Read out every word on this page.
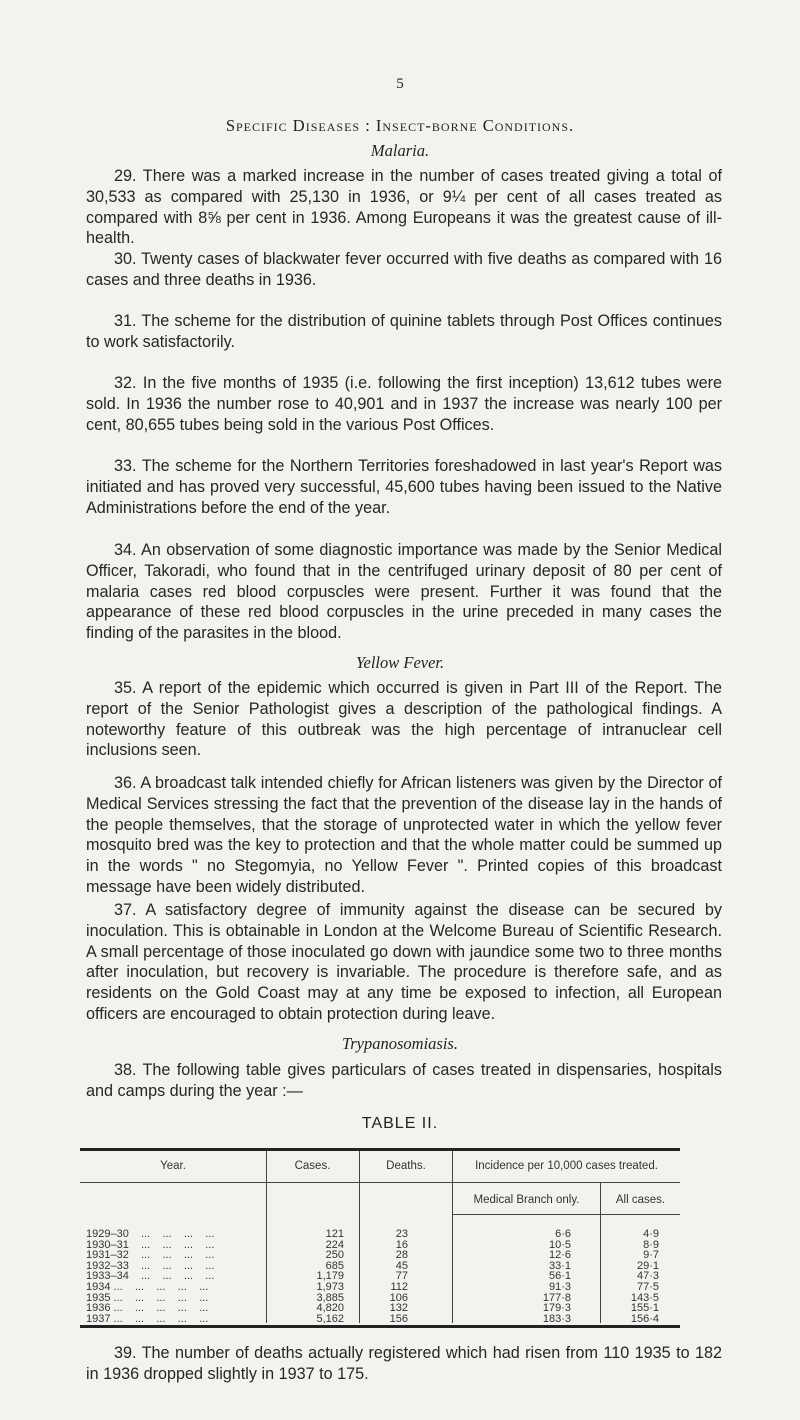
5
Specific Diseases : Insect-borne Conditions.
Malaria.
29. There was a marked increase in the number of cases treated giving a total of 30,533 as compared with 25,130 in 1936, or 9¼ per cent of all cases treated as compared with 8⅝ per cent in 1936. Among Europeans it was the greatest cause of ill-health.
30. Twenty cases of blackwater fever occurred with five deaths as compared with 16 cases and three deaths in 1936.
31. The scheme for the distribution of quinine tablets through Post Offices continues to work satisfactorily.
32. In the five months of 1935 (i.e. following the first inception) 13,612 tubes were sold. In 1936 the number rose to 40,901 and in 1937 the increase was nearly 100 per cent, 80,655 tubes being sold in the various Post Offices.
33. The scheme for the Northern Territories foreshadowed in last year's Report was initiated and has proved very successful, 45,600 tubes having been issued to the Native Administrations before the end of the year.
34. An observation of some diagnostic importance was made by the Senior Medical Officer, Takoradi, who found that in the centrifuged urinary deposit of 80 per cent of malaria cases red blood corpuscles were present. Further it was found that the appearance of these red blood corpuscles in the urine preceded in many cases the finding of the parasites in the blood.
Yellow Fever.
35. A report of the epidemic which occurred is given in Part III of the Report. The report of the Senior Pathologist gives a description of the pathological findings. A noteworthy feature of this outbreak was the high percentage of intranuclear cell inclusions seen.
36. A broadcast talk intended chiefly for African listeners was given by the Director of Medical Services stressing the fact that the prevention of the disease lay in the hands of the people themselves, that the storage of unprotected water in which the yellow fever mosquito bred was the key to protection and that the whole matter could be summed up in the words " no Stegomyia, no Yellow Fever ". Printed copies of this broadcast message have been widely distributed.
37. A satisfactory degree of immunity against the disease can be secured by inoculation. This is obtainable in London at the Welcome Bureau of Scientific Research. A small percentage of those inoculated go down with jaundice some two to three months after inoculation, but recovery is invariable. The procedure is therefore safe, and as residents on the Gold Coast may at any time be exposed to infection, all European officers are encouraged to obtain protection during leave.
Trypanosomiasis.
38. The following table gives particulars of cases treated in dispensaries, hospitals and camps during the year :—
TABLE II.
Year.	Cases.	Deaths.	Incidence per 10,000 cases treated.
Medical Branch only.	All cases.
1929–30    ...    ...    ...    ...	121	23	6·6	4·9
1930–31    ...    ...    ...    ...	224	16	10·5	8·9
1931–32    ...    ...    ...    ...	250	28	12·6	9·7
1932–33    ...    ...    ...    ...	685	45	33·1	29·1
1933–34    ...    ...    ...    ...	1,179	77	56·1	47·3
1934 ...    ...    ...    ...    ...	1,973	112	91·3	77·5
1935 ...    ...    ...    ...    ...	3,885	106	177·8	143·5
1936 ...    ...    ...    ...    ...	4,820	132	179·3	155·1
1937 ...    ...    ...    ...    ...	5,162	156	183·3	156·4
39. The number of deaths actually registered which had risen from 110 1935 to 182 in 1936 dropped slightly in 1937 to 175.
